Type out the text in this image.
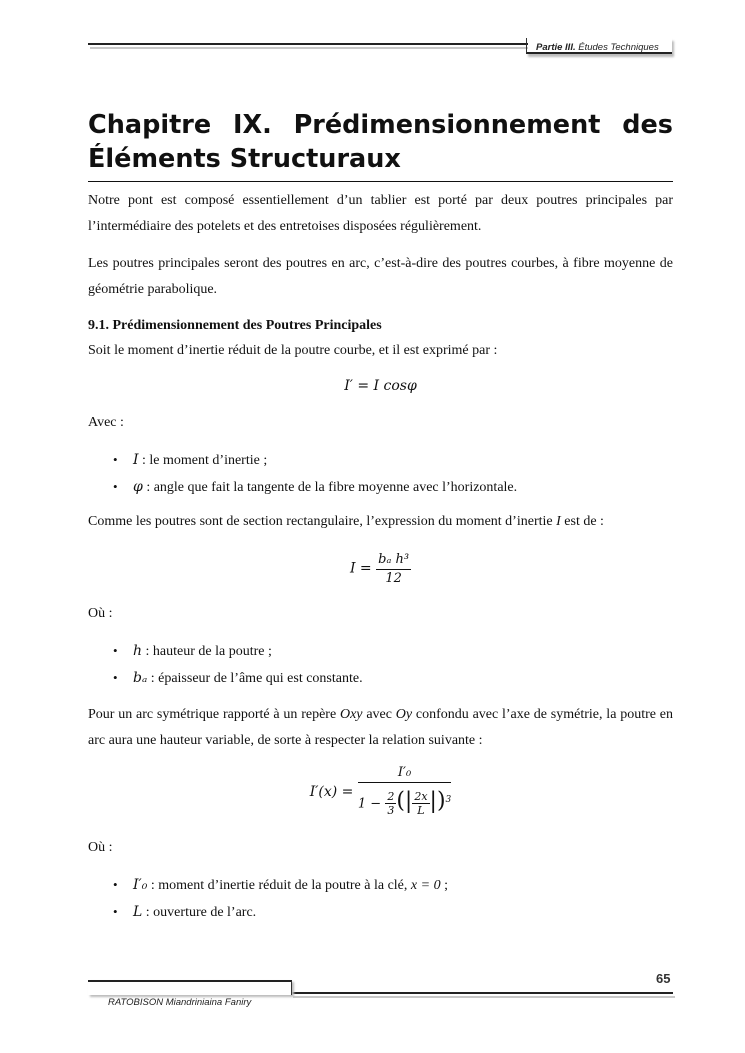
Partie III. Études Techniques
Chapitre IX. Prédimensionnement des
Éléments Structuraux
Notre pont est composé essentiellement d’un tablier est porté par deux poutres principales par l’intermédiaire des potelets et des entretoises disposées régulièrement.
Les poutres principales seront des poutres en arc, c’est-à-dire des poutres courbes, à fibre moyenne de géométrie parabolique.
9.1. Prédimensionnement des Poutres Principales
Soit le moment d’inertie réduit de la poutre courbe, et il est exprimé par :
I′ = I cosφ
Avec :
• I : le moment d’inertie ;
• φ : angle que fait la tangente de la fibre moyenne avec l’horizontale.
Comme les poutres sont de section rectangulaire, l’expression du moment d’inertie I est de :
$I = \frac{\text{bₐ h³}}{12}$
Où :
• h : hauteur de la poutre ;
• bₐ : épaisseur de l’âme qui est constante.
Pour un arc symétrique rapporté à un repère Oxy avec Oy confondu avec l’axe de symétrie, la poutre en arc aura une hauteur variable, de sorte à respecter la relation suivante :
$I'(x) = \frac{\text{I′₀}}{1 - \frac{2}{3} (| \frac{2x}{L} |)^3}$
Où :
• I′₀ : moment d’inertie réduit de la poutre à la clé, x = 0 ;
• L : ouverture de l’arc.
65
RATOBISON Miandriniaina Faniry
